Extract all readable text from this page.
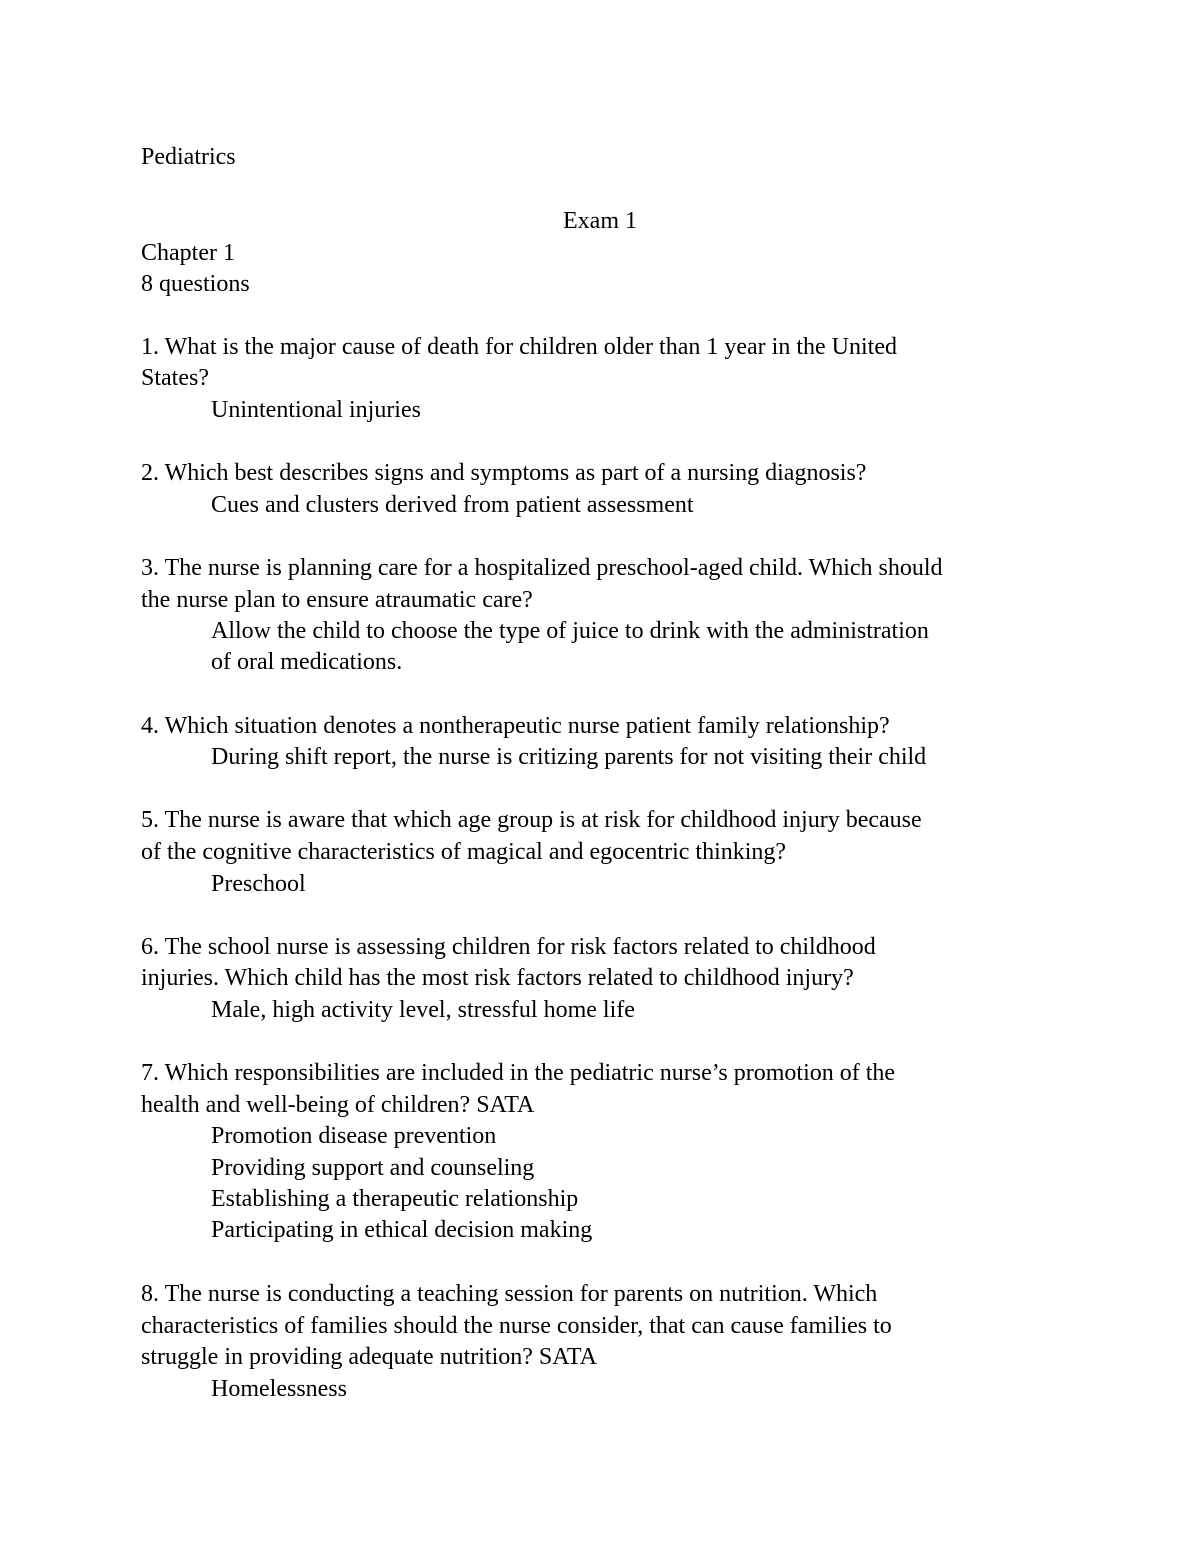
Pediatrics
Exam 1
Chapter 1
8 questions
1. What is the major cause of death for children older than 1 year in the United
States?
Unintentional injuries
2. Which best describes signs and symptoms as part of a nursing diagnosis?
Cues and clusters derived from patient assessment
3. The nurse is planning care for a hospitalized preschool-aged child. Which should
the nurse plan to ensure atraumatic care?
Allow the child to choose the type of juice to drink with the administration
of oral medications.
4. Which situation denotes a nontherapeutic nurse patient family relationship?
During shift report, the nurse is critizing parents for not visiting their child
5. The nurse is aware that which age group is at risk for childhood injury because
of the cognitive characteristics of magical and egocentric thinking?
Preschool
6. The school nurse is assessing children for risk factors related to childhood
injuries. Which child has the most risk factors related to childhood injury?
Male, high activity level, stressful home life
7. Which responsibilities are included in the pediatric nurse’s promotion of the
health and well-being of children? SATA
Promotion disease prevention
Providing support and counseling
Establishing a therapeutic relationship
Participating in ethical decision making
8. The nurse is conducting a teaching session for parents on nutrition. Which
characteristics of families should the nurse consider, that can cause families to
struggle in providing adequate nutrition? SATA
Homelessness
